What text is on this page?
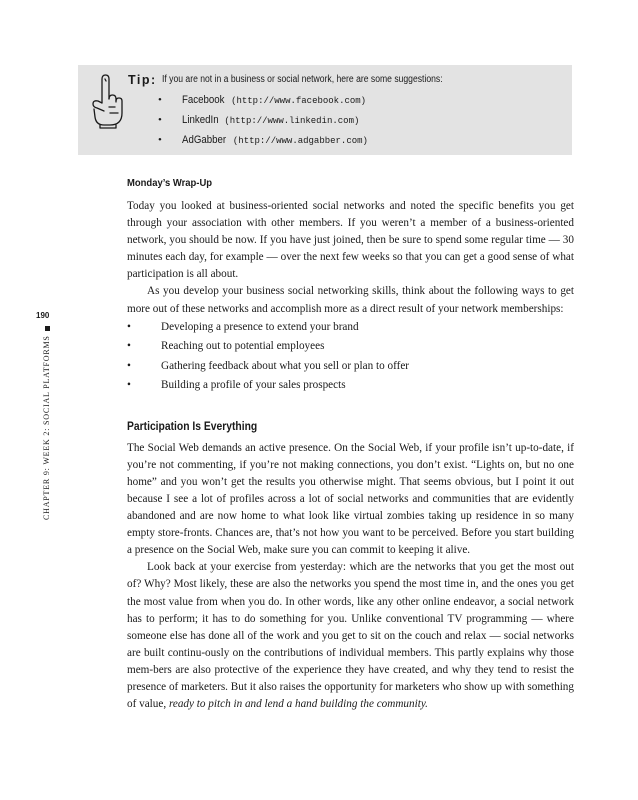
Tip: If you are not in a business or social network, here are some suggestions:
• Facebook (http://www.facebook.com)
• LinkedIn (http://www.linkedin.com)
• AdGabber (http://www.adgabber.com)
190
CHAPTER 9: WEEK 2: SOCIAL PLATFORMS
Monday’s Wrap-Up

Today you looked at business-oriented social networks and noted the specific benefits you get through your association with other members. If you weren’t a member of a business-oriented network, you should be now. If you have just joined, then be sure to spend some regular time — 30 minutes each day, for example — over the next few weeks so that you can get a good sense of what participation is all about.

As you develop your business social networking skills, think about the following ways to get more out of these networks and accomplish more as a direct result of your network memberships:

•	Developing a presence to extend your brand
•	Reaching out to potential employees
•	Gathering feedback about what you sell or plan to offer
•	Building a profile of your sales prospects
Participation Is Everything

The Social Web demands an active presence. On the Social Web, if your profile isn’t up-to-date, if you’re not commenting, if you’re not making connections, you don’t exist. “Lights on, but no one home” and you won’t get the results you otherwise might. That seems obvious, but I point it out because I see a lot of profiles across a lot of social networks and communities that are evidently abandoned and are now home to what look like virtual zombies taking up residence in so many empty store-fronts. Chances are, that’s not how you want to be perceived. Before you start building a presence on the Social Web, make sure you can commit to keeping it alive.

Look back at your exercise from yesterday: which are the networks that you get the most out of? Why? Most likely, these are also the networks you spend the most time in, and the ones you get the most value from when you do. In other words, like any other online endeavor, a social network has to perform; it has to do something for you. Unlike conventional TV programming — where someone else has done all of the work and you get to sit on the couch and relax — social networks are built continu-ously on the contributions of individual members. This partly explains why those mem-bers are also protective of the experience they have created, and why they tend to resist the presence of marketers. But it also raises the opportunity for marketers who show up with something of value, ready to pitch in and lend a hand building the community.
